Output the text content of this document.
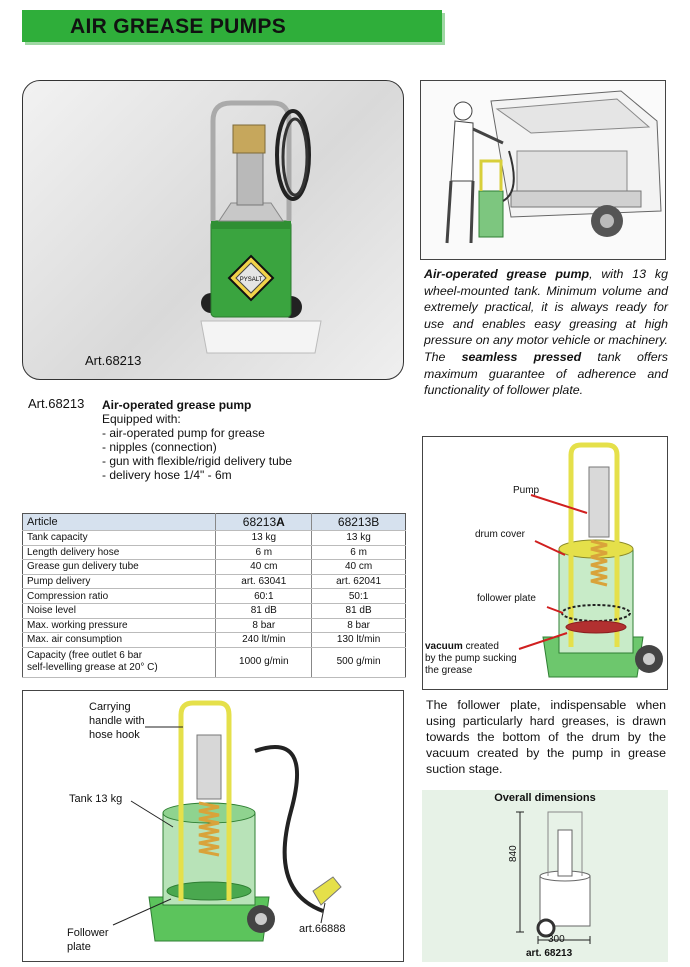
AIR GREASE PUMPS
PYSALT
Art.68213
Air-operated grease pump, with 13 kg wheel-mounted tank. Minimum volume and extremely practical, it is always ready for use and enables easy greasing at high pressure on any motor vehicle or machinery. The seamless pressed tank offers maximum guarantee of adherence and functionality of follower plate.
Art.68213 Air-operated grease pump
Equipped with:
- air-operated pump for grease
- nipples (connection)
- gun with flexible/rigid delivery tube
- delivery hose 1/4" - 6m
Article	68213A	68213B
Tank capacity	13 kg	13 kg
Length delivery hose	6 m	6 m
Grease gun delivery tube	40 cm	40 cm
Pump delivery	art. 63041	art. 62041
Compression ratio	60:1	50:1
Noise level	81 dB	81 dB
Max. working pressure	8 bar	8 bar
Max. air consumption	240 lt/min	130 lt/min
Capacity (free outlet 6 bar
self-levelling grease at 20° C)	1000 g/min	500 g/min
Carrying
handle with
hose hook
Tank 13 kg
Follower
plate
art.66888
Pump
drum cover
follower plate
vacuum created
by the pump sucking
the grease
The follower plate, indispensable when using particularly hard greases, is drawn towards the bottom of the drum by the vacuum created by the pump in grease suction stage.
Overall dimensions
840
300
art. 68213
